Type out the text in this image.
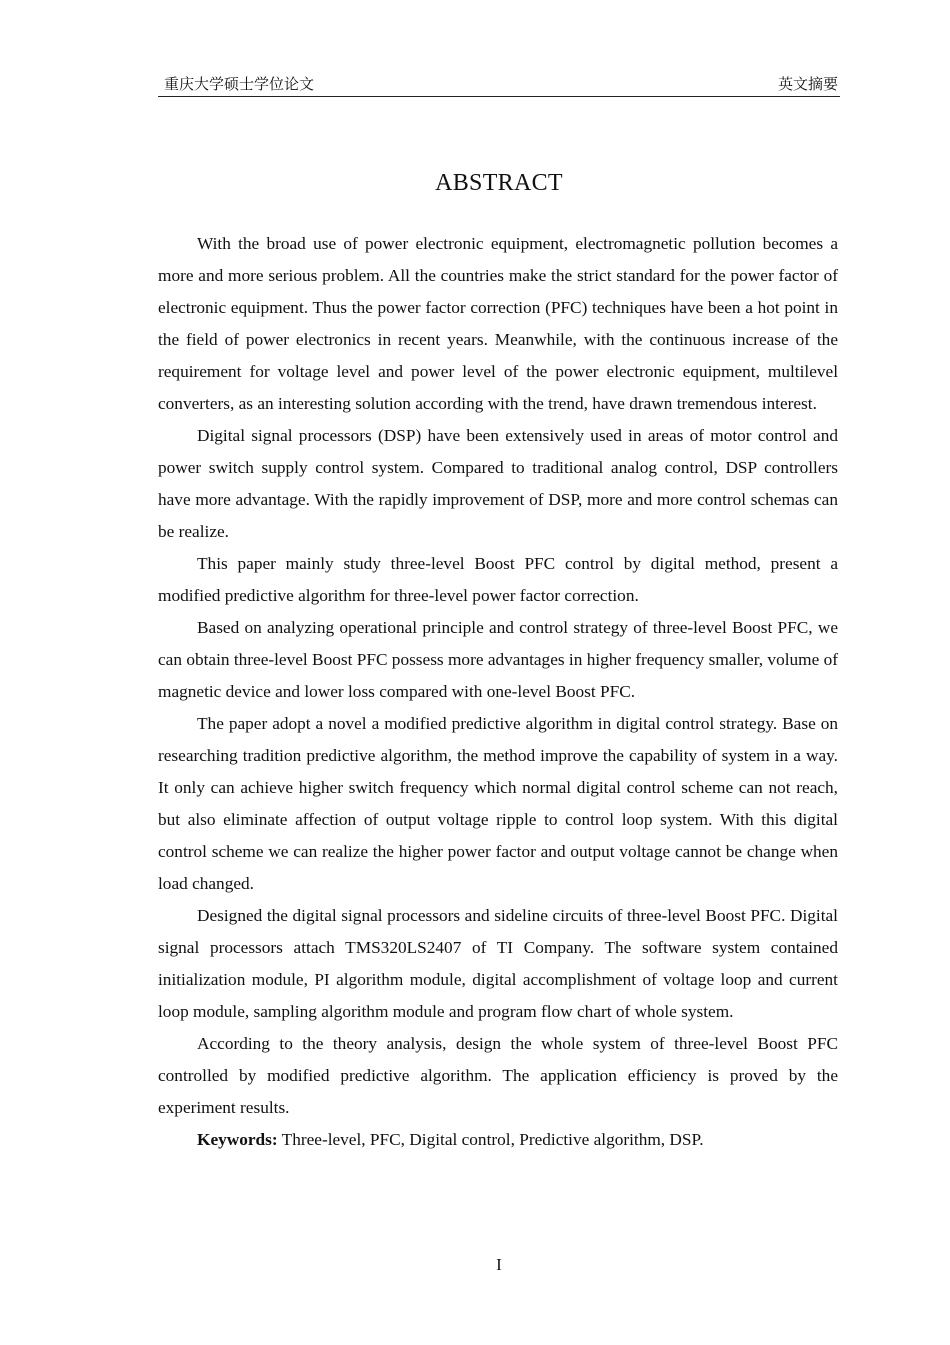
重庆大学硕士学位论文	英文摘要
ABSTRACT

With the broad use of power electronic equipment, electromagnetic pollution becomes a more and more serious problem. All the countries make the strict standard for the power factor of electronic equipment. Thus the power factor correction (PFC) techniques have been a hot point in the field of power electronics in recent years. Meanwhile, with the continuous increase of the requirement for voltage level and power level of the power electronic equipment, multilevel converters, as an interesting solution according with the trend, have drawn tremendous interest.

Digital signal processors (DSP) have been extensively used in areas of motor control and power switch supply control system. Compared to traditional analog control, DSP controllers have more advantage. With the rapidly improvement of DSP, more and more control schemas can be realize.

This paper mainly study three-level Boost PFC control by digital method, present a modified predictive algorithm for three-level power factor correction.

Based on analyzing operational principle and control strategy of three-level Boost PFC, we can obtain three-level Boost PFC possess more advantages in higher frequency smaller, volume of magnetic device and lower loss compared with one-level Boost PFC.

The paper adopt a novel a modified predictive algorithm in digital control strategy. Base on   researching tradition predictive algorithm, the method improve the capability of system in a way. It only can achieve higher switch frequency which normal digital control scheme can not reach, but also eliminate affection of output voltage ripple to control loop system. With this digital control scheme we can realize the higher power factor and output voltage cannot be change when load changed.

Designed the digital signal processors and sideline circuits of three-level Boost PFC. Digital signal processors attach TMS320LS2407 of TI Company. The software system contained initialization module, PI algorithm module, digital accomplishment of voltage loop and current loop module, sampling algorithm module and program flow chart of whole system.

According to the theory analysis, design the whole system of three-level Boost PFC controlled by modified predictive algorithm. The application efficiency is proved by the experiment results.

Keywords: Three-level, PFC, Digital control, Predictive algorithm, DSP.

I
